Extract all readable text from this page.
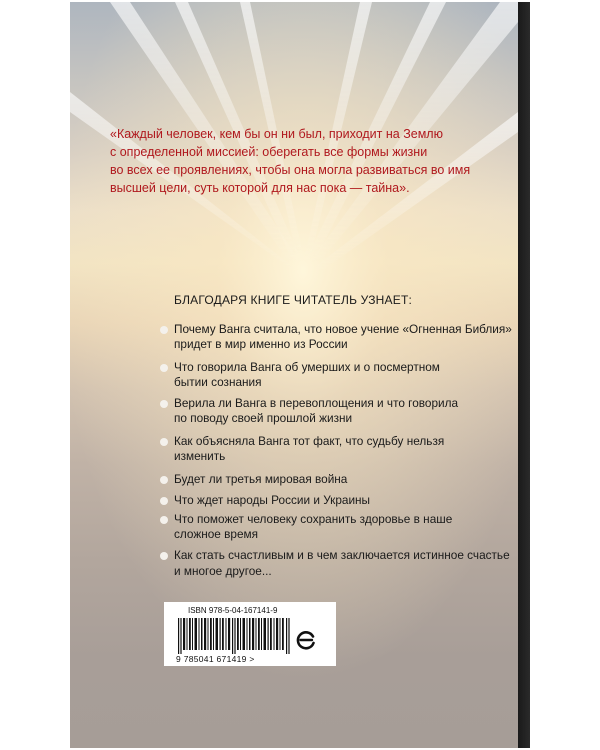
«Каждый человек, кем бы он ни был, приходит на Землю
с определенной миссией: оберегать все формы жизни
во всех ее проявлениях, чтобы она могла развиваться во имя
высшей цели, суть которой для нас пока — тайна».
БЛАГОДАРЯ КНИГЕ ЧИТАТЕЛЬ УЗНАЕТ:
Почему Ванга считала, что новое учение «Огненная Библия»
придет в мир именно из России
Что говорила Ванга об умерших и о посмертном
бытии сознания
Верила ли Ванга в перевоплощения и что говорила
по поводу своей прошлой жизни
Как объясняла Ванга тот факт, что судьбу нельзя
изменить
Будет ли третья мировая война
Что ждет народы России и Украины
Что поможет человеку сохранить здоровье в наше
сложное время
Как стать счастливым и в чем заключается истинное счастье
и многое другое...
ISBN 978-5-04-167141-9
9 785041 671419 >
